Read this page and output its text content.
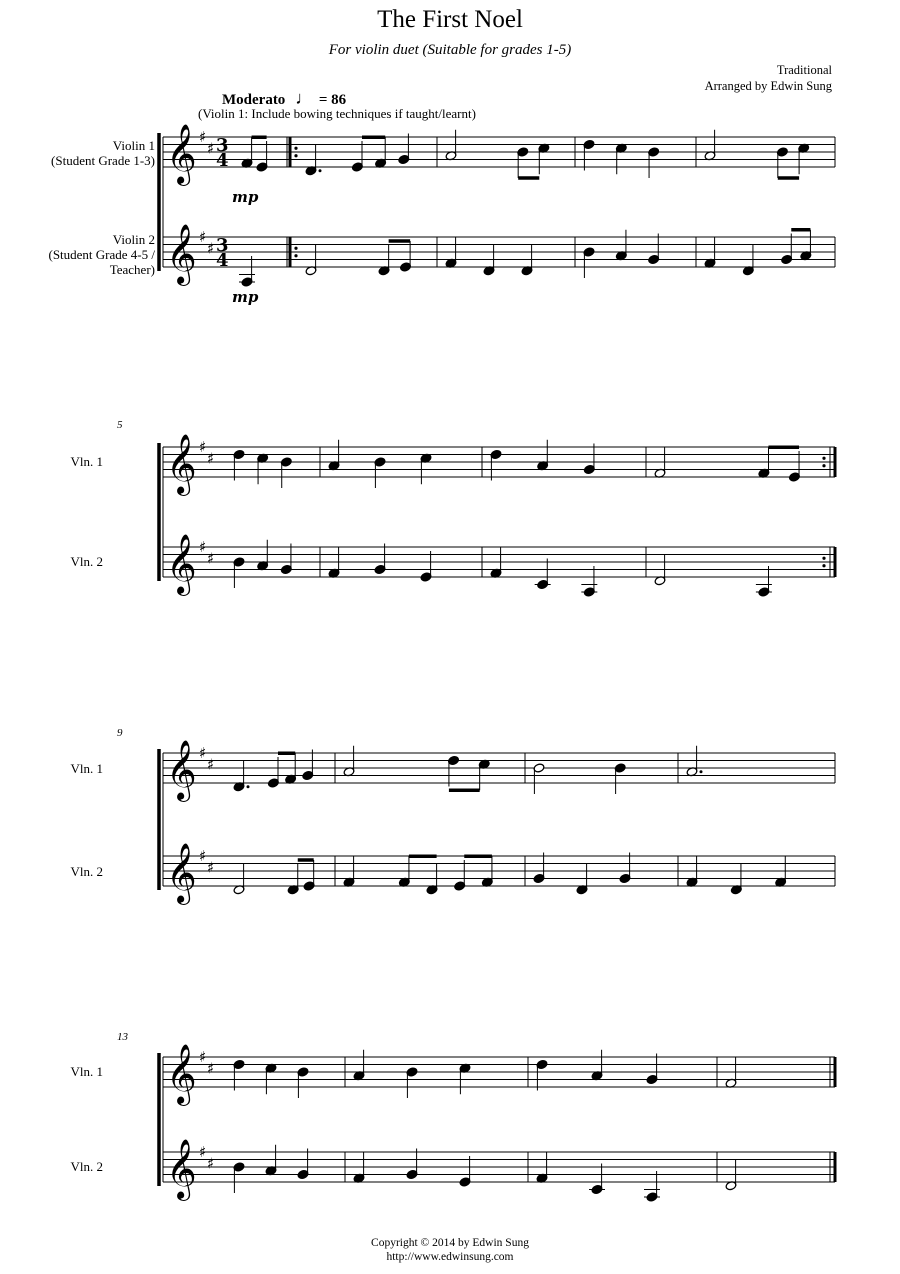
The First Noel
For violin duet (Suitable for grades 1-5)
Traditional
Arranged by Edwin Sung
Moderato ♩ = 86
(Violin 1: Include bowing techniques if taught/learnt)
Violin 1
(Student Grade 1-3)
Violin 2
(Student Grade 4-5 /
Teacher)
Vln. 1
Vln. 2
Vln. 1
Vln. 2
Vln. 1
Vln. 2
5
9
13
𝄞 ♯
♯ 3
4
𝄞 ♯
♯ 3
4
mp
mp
𝄞 ♯
♯
𝄞 ♯
♯
𝄞 ♯
♯
𝄞 ♯
♯
𝄞 ♯
♯
𝄞 ♯
♯
Copyright © 2014 by Edwin Sung
http://www.edwinsung.com
